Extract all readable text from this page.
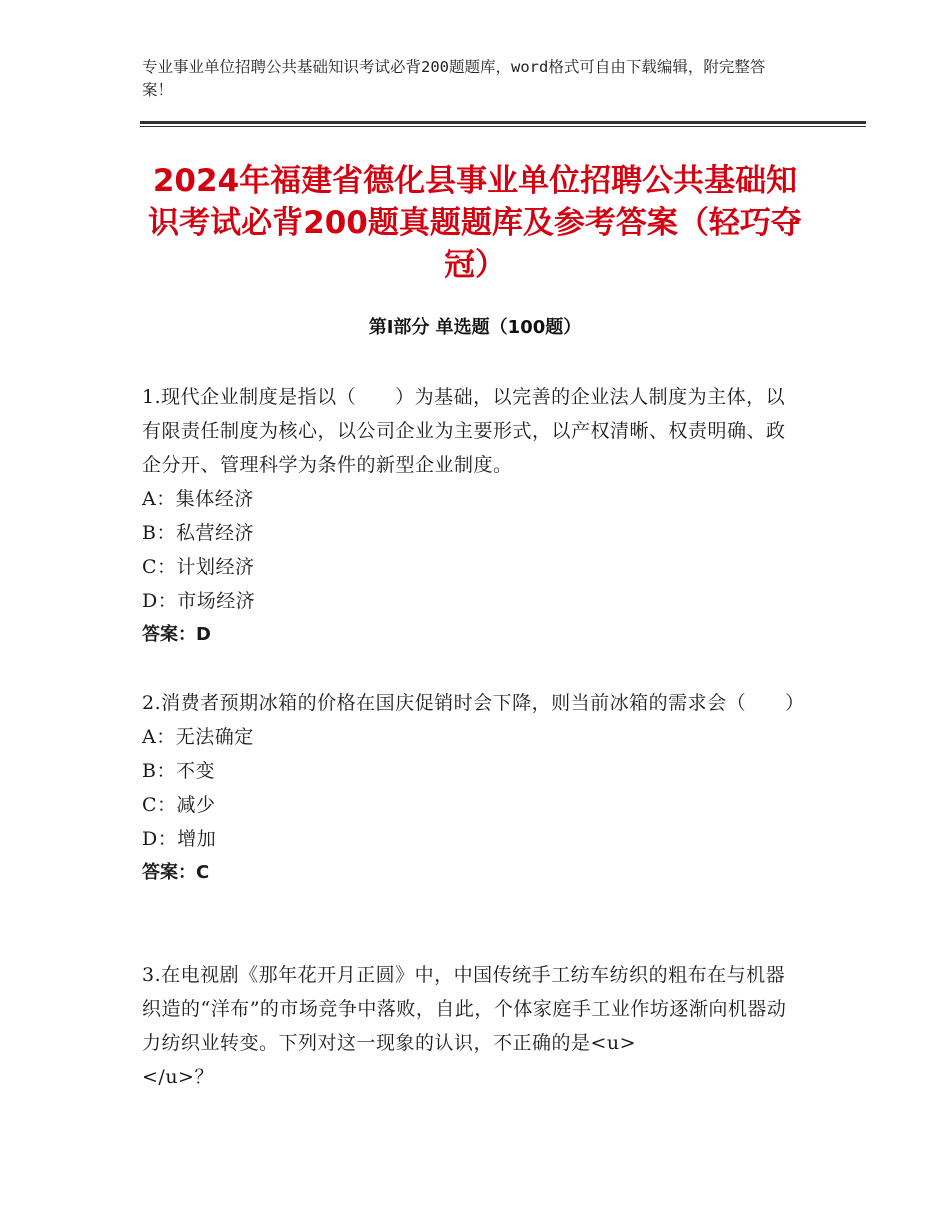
专业事业单位招聘公共基础知识考试必背200题题库，word格式可自由下载编辑，附完整答案！
2024年福建省德化县事业单位招聘公共基础知识考试必背200题真题题库及参考答案（轻巧夺冠）
第Ⅰ部分 单选题（100题）
1.现代企业制度是指以（　　）为基础，以完善的企业法人制度为主体，以有限责任制度为核心，以公司企业为主要形式，以产权清晰、权责明确、政企分开、管理科学为条件的新型企业制度。
A：集体经济
B：私营经济
C：计划经济
D：市场经济
答案：D
2.消费者预期冰箱的价格在国庆促销时会下降，则当前冰箱的需求会（　　）
A：无法确定
B：不变
C：减少
D：增加
答案：C
3.在电视剧《那年花开月正圆》中，中国传统手工纺车纺织的粗布在与机器织造的“洋布”的市场竞争中落败，自此，个体家庭手工业作坊逐渐向机器动力纺织业转变。下列对这一现象的认识，不正确的是<u>　　　　　</u>？
